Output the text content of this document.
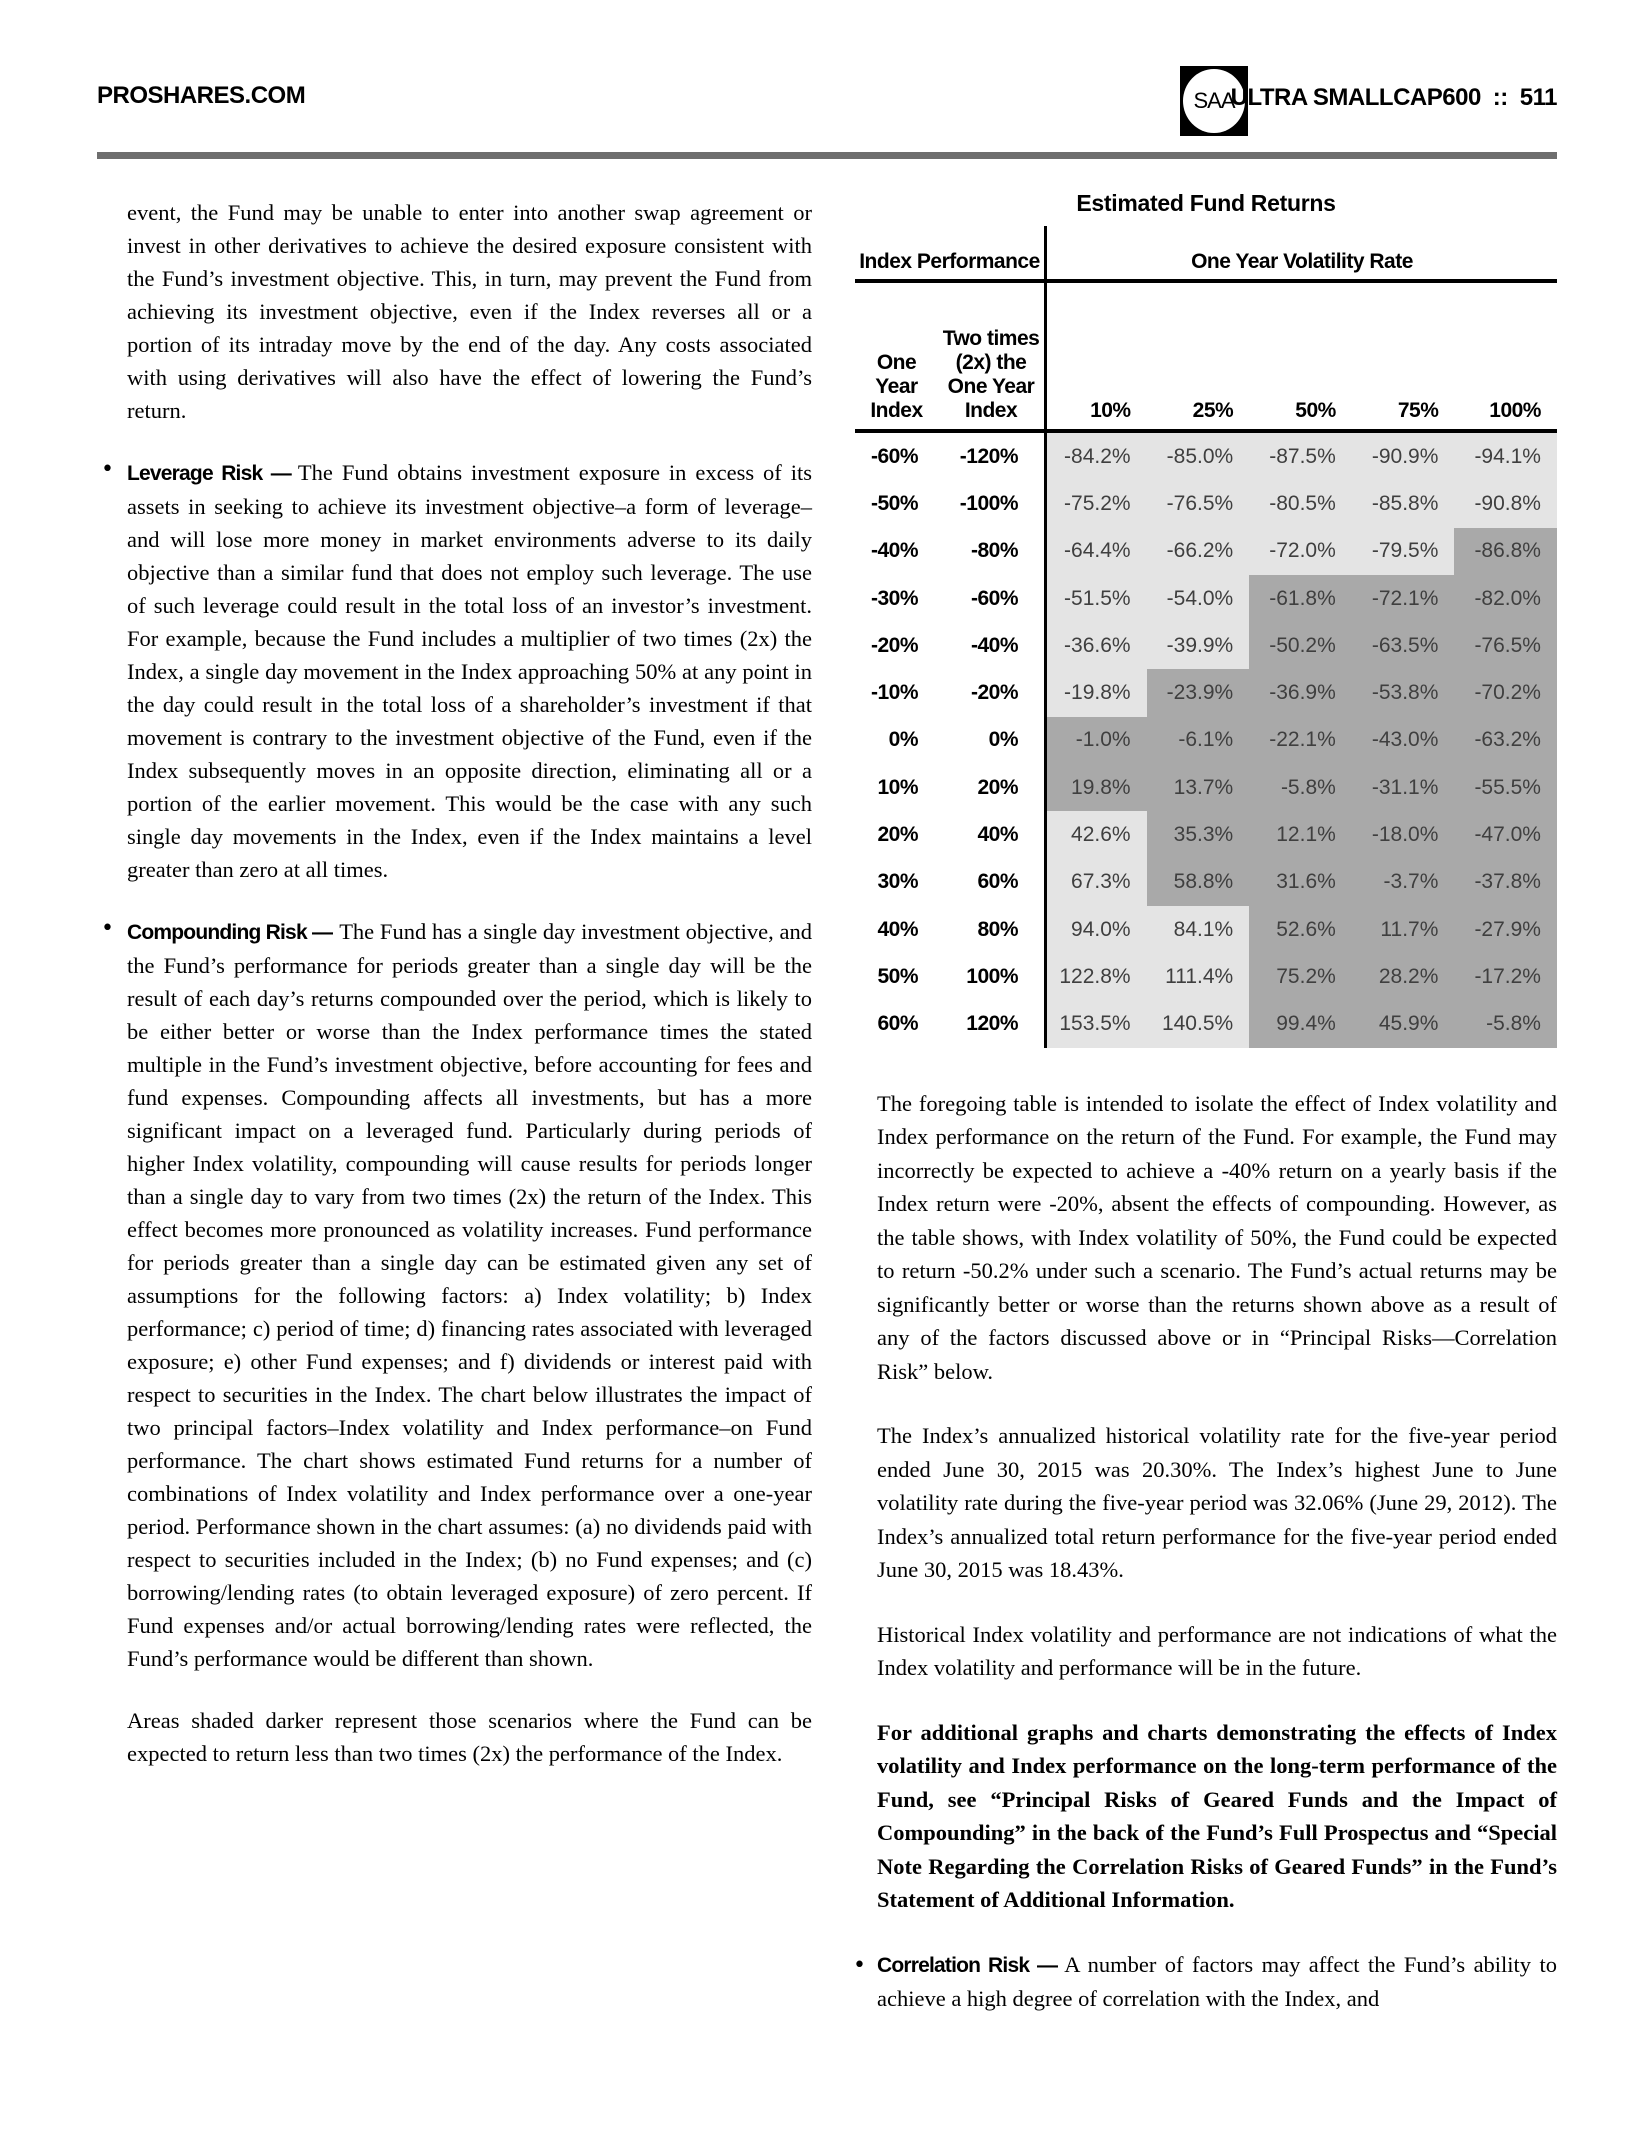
PROSHARES.COM	SAA
ULTRA SMALLCAP600 :: 511

event, the Fund may be unable to enter into another swap agreement or invest in other derivatives to achieve the desired exposure consistent with the Fund’s investment objective. This, in turn, may prevent the Fund from achieving its investment objective, even if the Index reverses all or a portion of its intraday move by the end of the day. Any costs associated with using derivatives will also have the effect of lowering the Fund’s return.

• Leverage Risk — The Fund obtains investment exposure in excess of its assets in seeking to achieve its investment objective–a form of leverage–and will lose more money in market environments adverse to its daily objective than a similar fund that does not employ such leverage. The use of such leverage could result in the total loss of an investor’s investment. For example, because the Fund includes a multiplier of two times (2x) the Index, a single day movement in the Index approaching 50% at any point in the day could result in the total loss of a shareholder’s investment if that movement is contrary to the investment objective of the Fund, even if the Index subsequently moves in an opposite direction, eliminating all or a portion of the earlier movement. This would be the case with any such single day movements in the Index, even if the Index maintains a level greater than zero at all times.

• Compounding Risk — The Fund has a single day investment objective, and the Fund’s performance for periods greater than a single day will be the result of each day’s returns compounded over the period, which is likely to be either better or worse than the Index performance times the stated multiple in the Fund’s investment objective, before accounting for fees and fund expenses. Compounding affects all investments, but has a more significant impact on a leveraged fund. Particularly during periods of higher Index volatility, compounding will cause results for periods longer than a single day to vary from two times (2x) the return of the Index. This effect becomes more pronounced as volatility increases. Fund performance for periods greater than a single day can be estimated given any set of assumptions for the following factors: a) Index volatility; b) Index performance; c) period of time; d) financing rates associated with leveraged exposure; e) other Fund expenses; and f) dividends or interest paid with respect to securities in the Index. The chart below illustrates the impact of two principal factors–Index volatility and Index performance–on Fund performance. The chart shows estimated Fund returns for a number of combinations of Index volatility and Index performance over a one-year period. Performance shown in the chart assumes: (a) no dividends paid with respect to securities included in the Index; (b) no Fund expenses; and (c) borrowing/lending rates (to obtain leveraged exposure) of zero percent. If Fund expenses and/or actual borrowing/lending rates were reflected, the Fund’s performance would be different than shown.

Areas shaded darker represent those scenarios where the Fund can be expected to return less than two times (2x) the performance of the Index.

Estimated Fund Returns
Index Performance	One Year Volatility Rate
One Year Index
Two times (2x) the One Year Index	10%	25%	50%	75%	100%
-60%	-120%	-84.2%	-85.0%	-87.5%	-90.9%	-94.1%
-50%	-100%	-75.2%	-76.5%	-80.5%	-85.8%	-90.8%
-40%	-80%	-64.4%	-66.2%	-72.0%	-79.5%	-86.8%
-30%	-60%	-51.5%	-54.0%	-61.8%	-72.1%	-82.0%
-20%	-40%	-36.6%	-39.9%	-50.2%	-63.5%	-76.5%
-10%	-20%	-19.8%	-23.9%	-36.9%	-53.8%	-70.2%
0%	0%	-1.0%	-6.1%	-22.1%	-43.0%	-63.2%
10%	20%	19.8%	13.7%	-5.8%	-31.1%	-55.5%
20%	40%	42.6%	35.3%	12.1%	-18.0%	-47.0%
30%	60%	67.3%	58.8%	31.6%	-3.7%	-37.8%
40%	80%	94.0%	84.1%	52.6%	11.7%	-27.9%
50%	100%	122.8%	111.4%	75.2%	28.2%	-17.2%
60%	120%	153.5%	140.5%	99.4%	45.9%	-5.8%

The foregoing table is intended to isolate the effect of Index volatility and Index performance on the return of the Fund. For example, the Fund may incorrectly be expected to achieve a -40% return on a yearly basis if the Index return were -20%, absent the effects of compounding. However, as the table shows, with Index volatility of 50%, the Fund could be expected to return -50.2% under such a scenario. The Fund’s actual returns may be significantly better or worse than the returns shown above as a result of any of the factors discussed above or in “Principal Risks—Correlation Risk” below.

The Index’s annualized historical volatility rate for the five-year period ended June 30, 2015 was 20.30%. The Index’s highest June to June volatility rate during the five-year period was 32.06% (June 29, 2012). The Index’s annualized total return performance for the five-year period ended June 30, 2015 was 18.43%.

Historical Index volatility and performance are not indications of what the Index volatility and performance will be in the future.

For additional graphs and charts demonstrating the effects of Index volatility and Index performance on the long-term performance of the Fund, see “Principal Risks of Geared Funds and the Impact of Compounding” in the back of the Fund’s Full Prospectus and “Special Note Regarding the Correlation Risks of Geared Funds” in the Fund’s Statement of Additional Information.

• Correlation Risk — A number of factors may affect the Fund’s ability to achieve a high degree of correlation with the Index, and
